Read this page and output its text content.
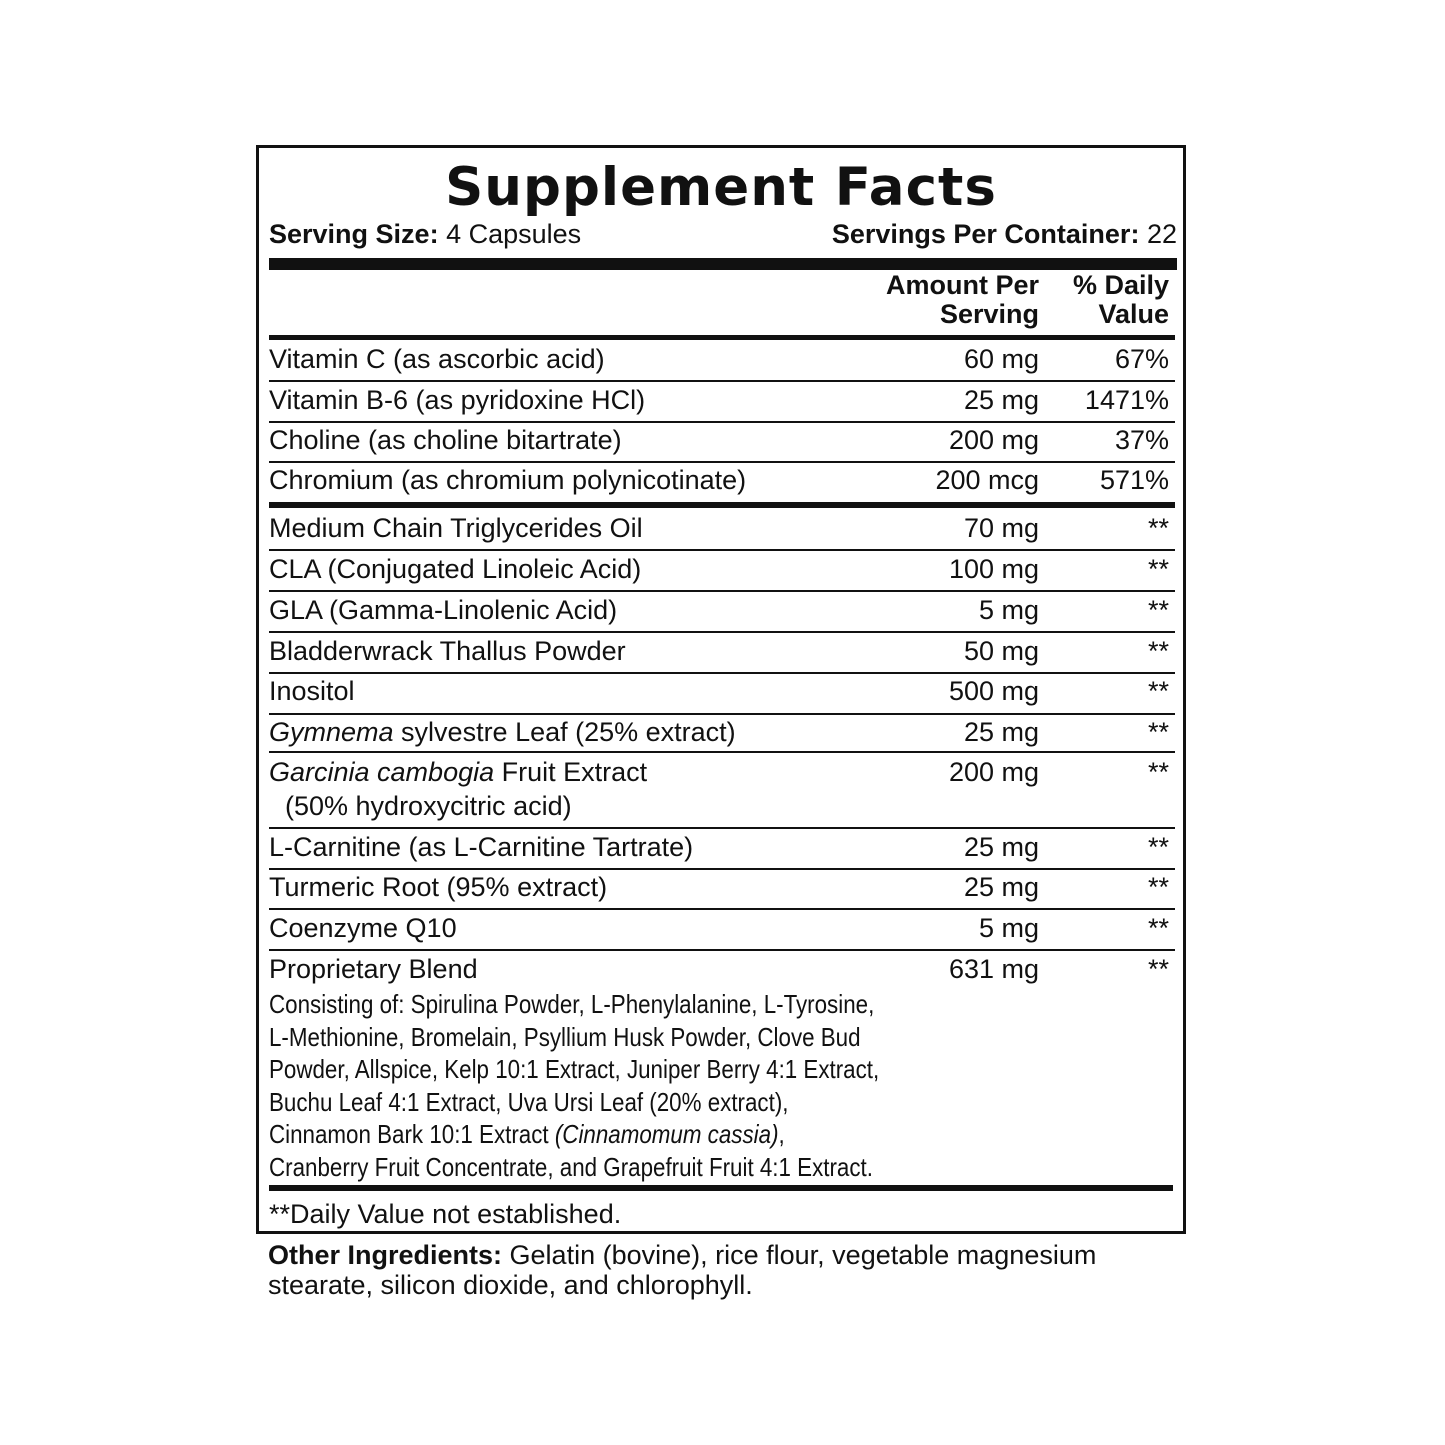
Supplement Facts
Serving Size: 4 Capsules	Servings Per Container: 22
Amount Per
Serving
% Daily
Value
Vitamin C (as ascorbic acid)	60 mg	67%
Vitamin B-6 (as pyridoxine HCl)	25 mg 1471%
Choline (as choline bitartrate)	200 mg	37%
Chromium (as chromium polynicotinate)	200 mcg 571%
Medium Chain Triglycerides Oil	70 mg	**
CLA (Conjugated Linoleic Acid)	100 mg	**
GLA (Gamma-Linolenic Acid)	5 mg	**
Bladderwrack Thallus Powder	50 mg	**
Inositol	500 mg	**
Gymnema sylvestre Leaf (25% extract)	25 mg	**
Garcinia cambogia Fruit Extract
(50% hydroxycitric acid)
200 mg	**
L-Carnitine (as L-Carnitine Tartrate)	25 mg	**
Turmeric Root (95% extract)	25 mg	**
Coenzyme Q10	5 mg	**
Proprietary Blend	631 mg	**
Consisting of: Spirulina Powder, L-Phenylalanine, L-Tyrosine,
L-Methionine, Bromelain, Psyllium Husk Powder, Clove Bud
Powder, Allspice, Kelp 10:1 Extract, Juniper Berry 4:1 Extract,
Buchu Leaf 4:1 Extract, Uva Ursi Leaf (20% extract),
Cinnamon Bark 10:1 Extract (Cinnamomum cassia),
Cranberry Fruit Concentrate, and Grapefruit Fruit 4:1 Extract.
**Daily Value not established.
Other Ingredients: Gelatin (bovine), rice flour, vegetable magnesium stearate, silicon dioxide, and chlorophyll.
